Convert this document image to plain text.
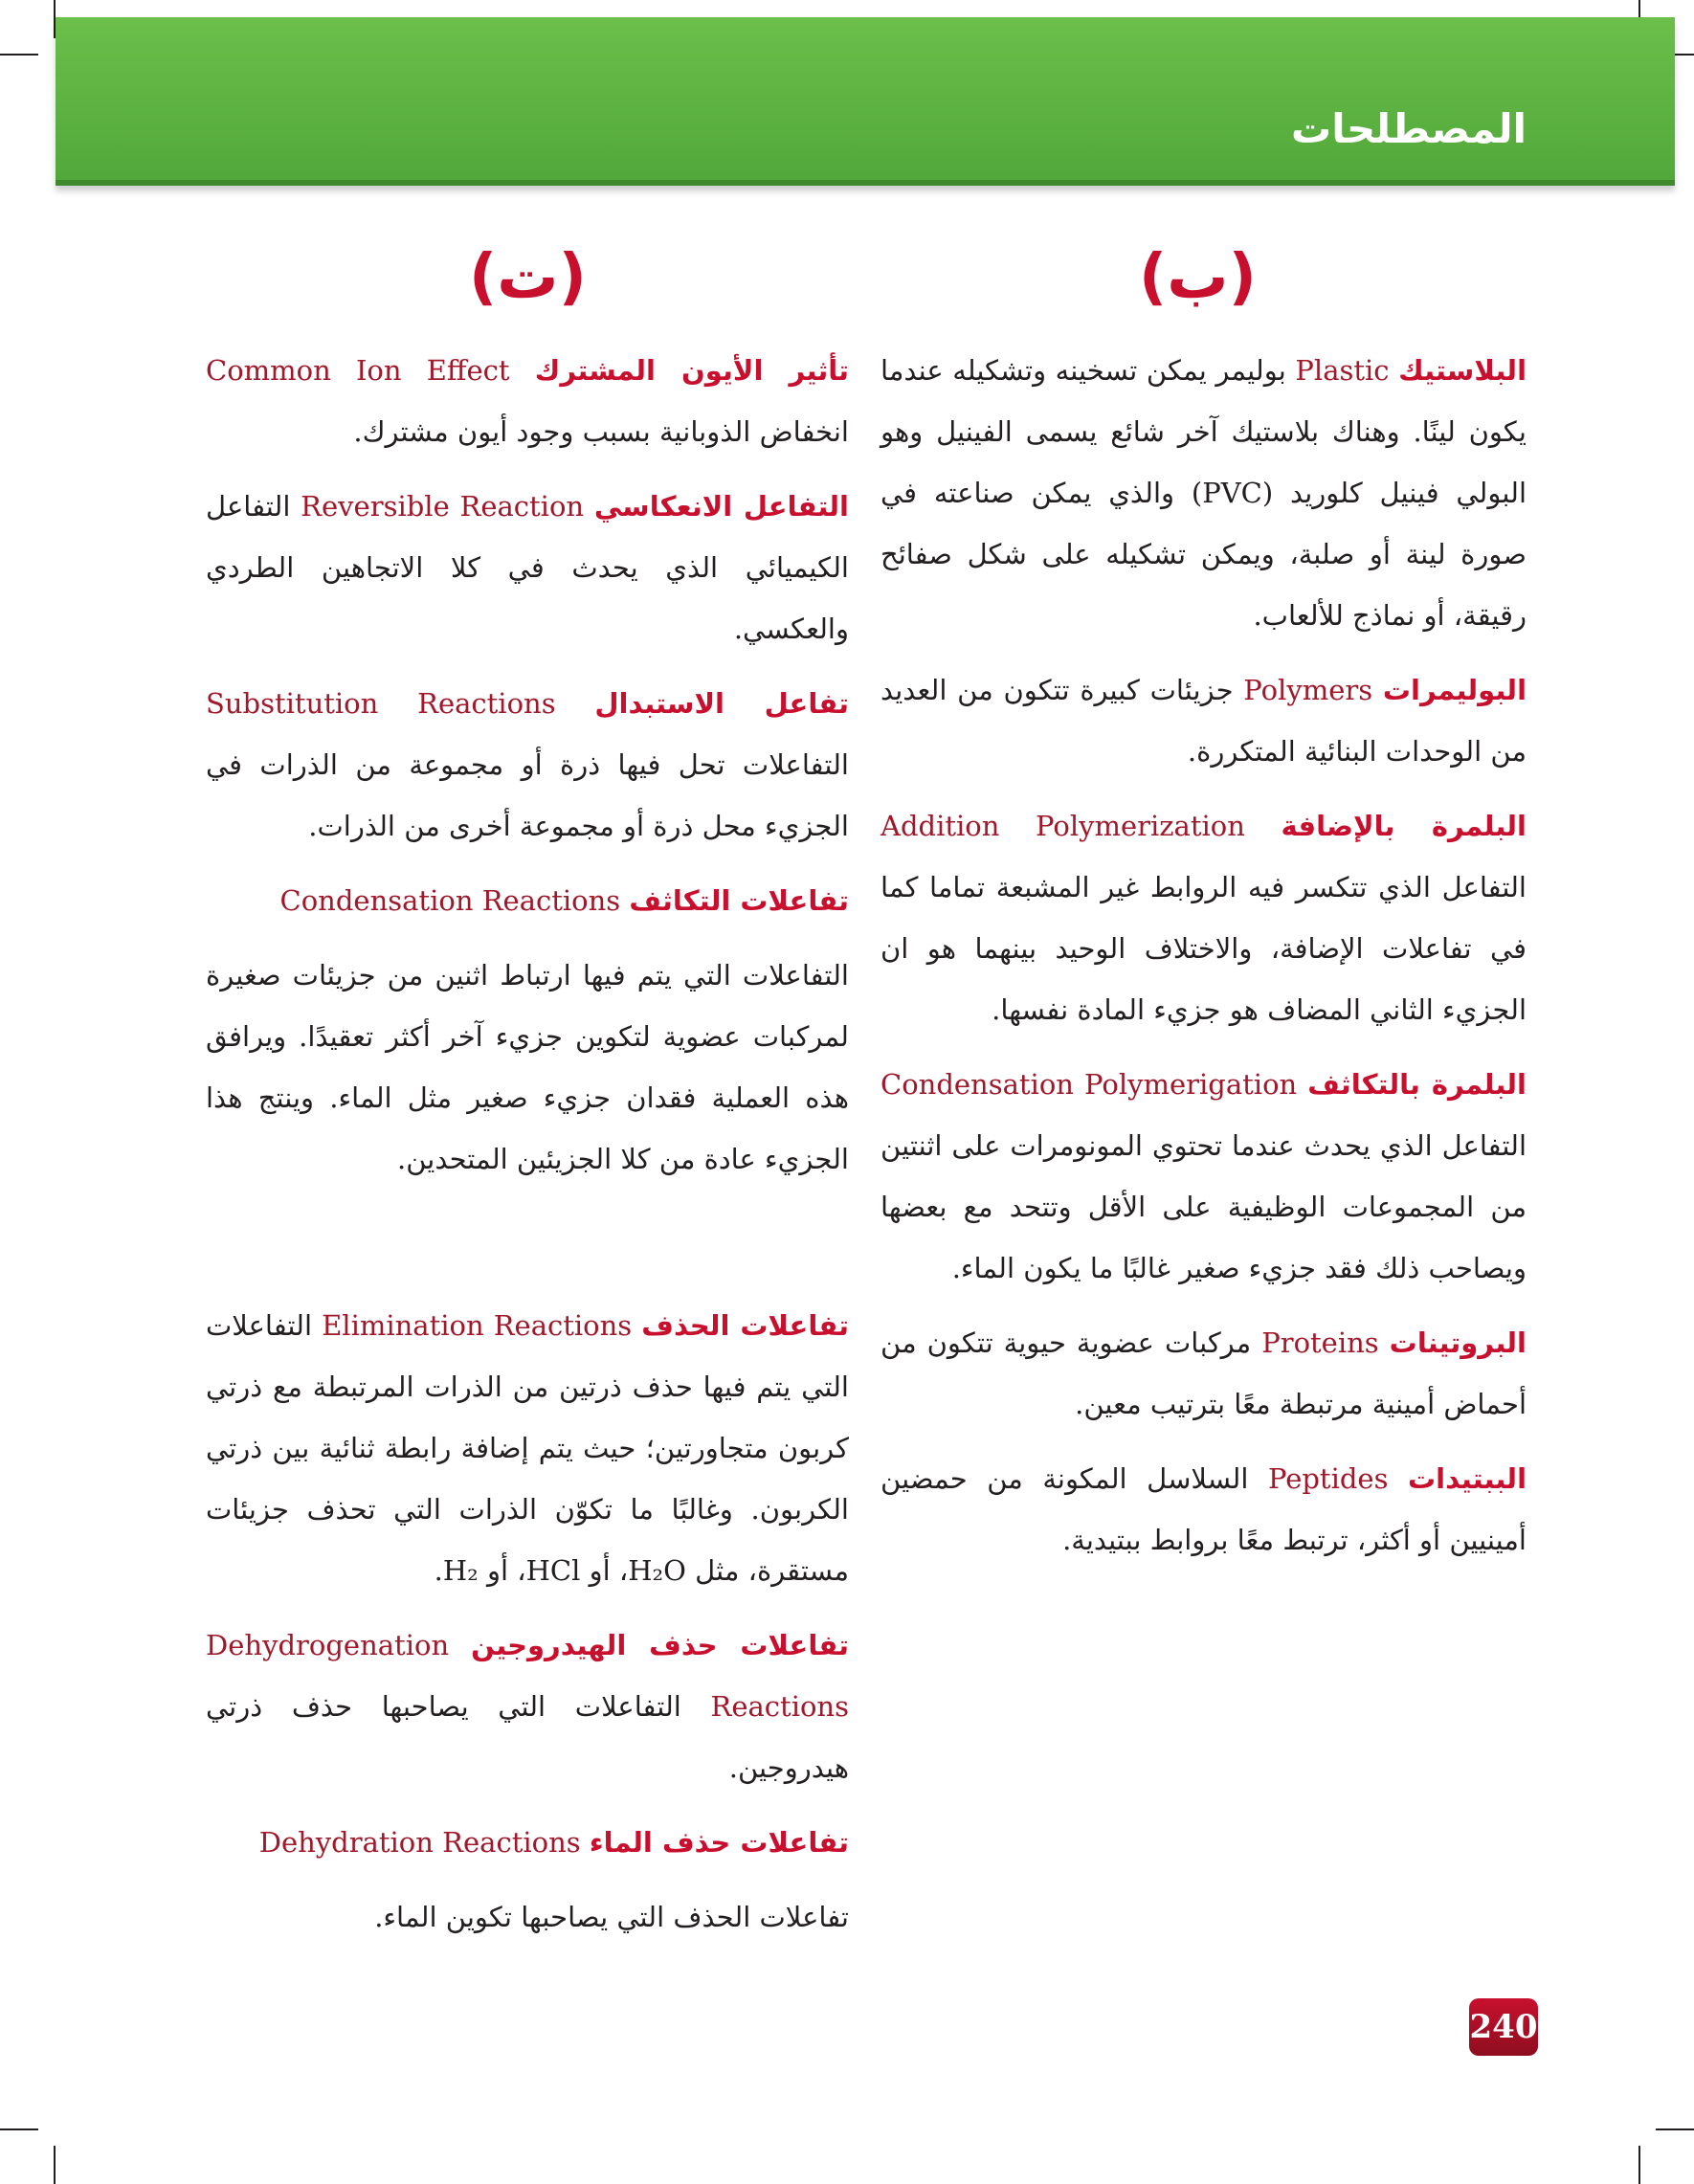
المصطلحات
(ب)
(ت)

البلاستيك Plastic بوليمر يمكن تسخينه وتشكيله عندما يكون لينًا. وهناك بلاستيك آخر شائع يسمى الفينيل وهو البولي فينيل كلوريد (PVC) والذي يمكن صناعته في صورة لينة أو صلبة، ويمكن تشكيله على شكل صفائح رقيقة، أو نماذج للألعاب.

البوليمرات Polymers جزيئات كبيرة تتكون من العديد من الوحدات البنائية المتكررة.

البلمرة بالإضافة Addition Polymerization التفاعل الذي تتكسر فيه الروابط غير المشبعة تماما كما في تفاعلات الإضافة، والاختلاف الوحيد بينهما هو ان الجزيء الثاني المضاف هو جزيء المادة نفسها.

البلمرة بالتكاثف Condensation Polymerigation التفاعل الذي يحدث عندما تحتوي المونومرات على اثنتين من المجموعات الوظيفية على الأقل وتتحد مع بعضها ويصاحب ذلك فقد جزيء صغير غالبًا ما يكون الماء.

البروتينات Proteins مركبات عضوية حيوية تتكون من أحماض أمينية مرتبطة معًا بترتيب معين.

الببتيدات Peptides السلاسل المكونة من حمضين أمينيين أو أكثر، ترتبط معًا بروابط ببتيدية.

تأثير الأيون المشترك Common Ion Effect انخفاض الذوبانية بسبب وجود أيون مشترك.

التفاعل الانعكاسي Reversible Reaction التفاعل الكيميائي الذي يحدث في كلا الاتجاهين الطردي والعكسي.

تفاعل الاستبدال Substitution Reactions التفاعلات تحل فيها ذرة أو مجموعة من الذرات في الجزيء محل ذرة أو مجموعة أخرى من الذرات.

تفاعلات التكاثف Condensation Reactions

التفاعلات التي يتم فيها ارتباط اثنين من جزيئات صغيرة لمركبات عضوية لتكوين جزيء آخر أكثر تعقيدًا. ويرافق هذه العملية فقدان جزيء صغير مثل الماء. وينتج هذا الجزيء عادة من كلا الجزيئين المتحدين.

تفاعلات الحذف Elimination Reactions التفاعلات التي يتم فيها حذف ذرتين من الذرات المرتبطة مع ذرتي كربون متجاورتين؛ حيث يتم إضافة رابطة ثنائية بين ذرتي الكربون. وغالبًا ما تكوّن الذرات التي تحذف جزيئات مستقرة، مثل H₂O، أو HCl، أو H₂.

تفاعلات حذف الهيدروجين Dehydrogenation Reactions التفاعلات التي يصاحبها حذف ذرتي هيدروجين.

تفاعلات حذف الماء Dehydration Reactions

تفاعلات الحذف التي يصاحبها تكوين الماء.

240
